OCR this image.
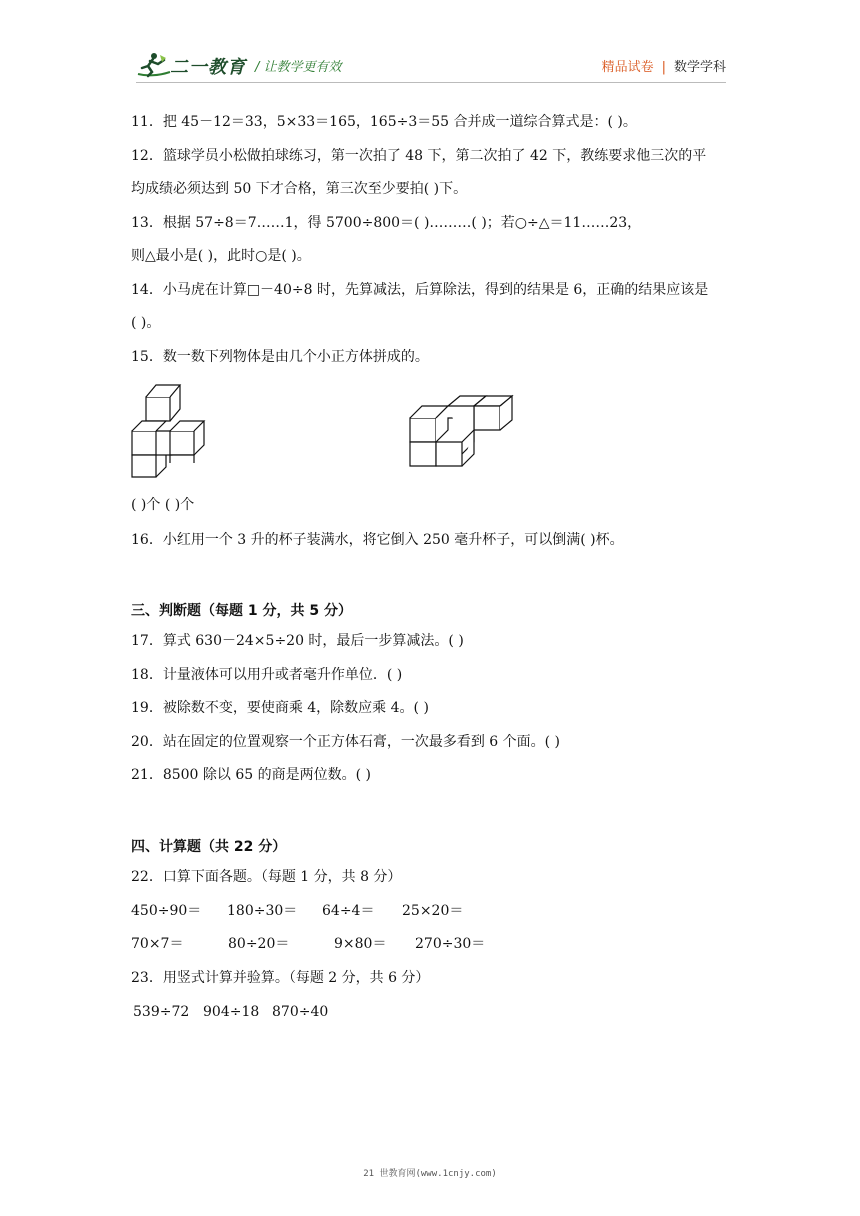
二一教育 / 让教学更有效	精品试卷 | 数学学科
11．把 45－12＝33，5×33＝165，165÷3＝55 合并成一道综合算式是：( )。
12．篮球学员小松做拍球练习，第一次拍了 48 下，第二次拍了 42 下，教练要求他三次的平
均成绩必须达到 50 下才合格，第三次至少要拍( )下。
13．根据 57÷8＝7……1，得 5700÷800＝( )………( )；若○÷△＝11……23，
则△最小是( )，此时○是( )。
14．小马虎在计算□－40÷8 时，先算减法，后算除法，得到的结果是 6，正确的结果应该是
( )。
15．数一数下列物体是由几个小正方体拼成的。
( )个 ( )个
16．小红用一个 3 升的杯子装满水，将它倒入 250 毫升杯子，可以倒满( )杯。
三、判断题（每题 1 分，共 5 分）
17．算式 630－24×5÷20 时，最后一步算减法。( )
18．计量液体可以用升或者毫升作单位．( )
19．被除数不变，要使商乘 4，除数应乘 4。( )
20．站在固定的位置观察一个正方体石膏，一次最多看到 6 个面。( )
21．8500 除以 65 的商是两位数。( )
四、计算题（共 22 分）
22．口算下面各题。（每题 1 分，共 8 分）
450÷90＝ 180÷30＝ 64÷4＝ 25×20＝
70×7＝	80÷20＝	9×80＝ 270÷30＝
23．用竖式计算并验算。（每题 2 分，共 6 分）
539÷72 904÷18 870÷40
21 世教育网(www.1cnjy.com)
